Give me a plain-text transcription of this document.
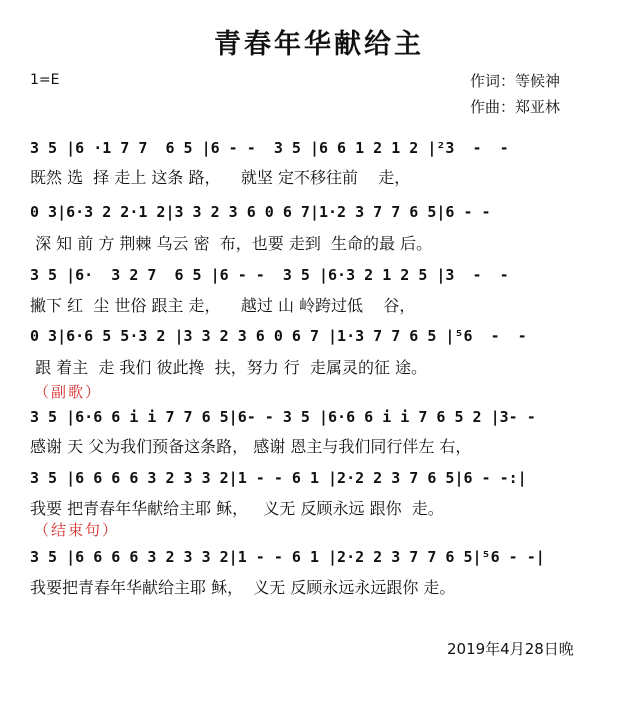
青春年华献给主
1=E	作词：等候神
作曲：郑亚林
3 5 |6 ·1 7 7  6 5 |6 - -  3 5 |6 6 1 2 1 2 |²3  -  -
既然 选  择 走上 这条 路，    就坚 定不移往前    走，
0 3|6·3 2 2·1 2|3 3 2 3 6 0 6 7|1·2 3 7 7 6 5|6 - -
深 知 前 方 荆棘 乌云 密  布，也要 走到  生命的最 后。
3 5 |6·  3 2 7  6 5 |6 - -  3 5 |6·3 2 1 2 5 |3  -  -
撇下 红  尘 世俗 跟主 走，    越过 山 岭跨过低    谷，
0 3|6·6 5 5·3 2 |3 3 2 3 6 0 6 7 |1·3 7 7 6 5 |⁵6  -  -
跟 着主  走 我们 彼此搀  扶，努力 行  走属灵的征 途。
（副歌）
3 5 |6·6 6 i i 7 7 6 5|6- - 3 5 |6·6 6 i i 7 6 5 2 |3- -
感谢 天 父为我们预备这条路， 感谢 恩主与我们同行伴左 右，
3 5 |6 6 6 6 3 2 3 3 2|1 - - 6 1 |2·2 2 3 7 6 5|6 - -:|
我要 把青春年华献给主耶 稣，   义无 反顾永远 跟你  走。
（结束句）
3 5 |6 6 6 6 3 2 3 3 2|1 - - 6 1 |2·2 2 3 7 7 6 5|⁵6 - -|
我要把青春年华献给主耶 稣，  义无 反顾永远永远跟你 走。
2019年4月28日晚
